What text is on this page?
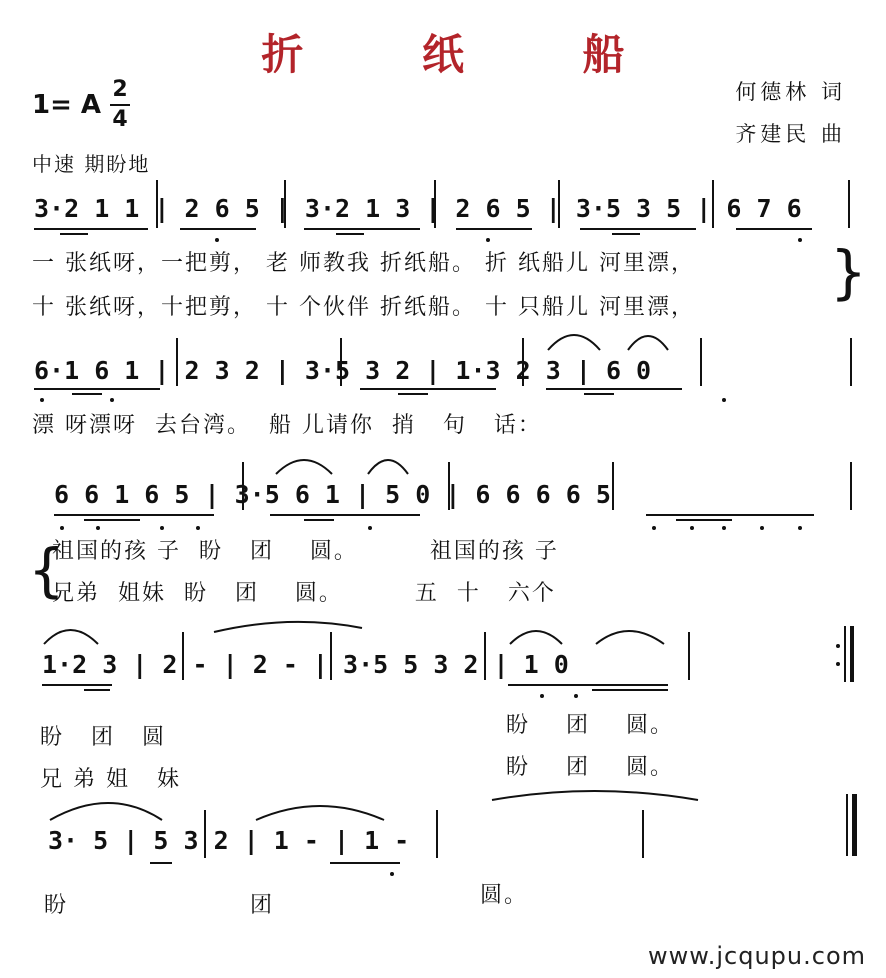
折 纸 船
1= A
2
4
何德林 词
齐建民 曲
中速 期盼地
3·2 1 1 | 2 6 5 | 3·2 1 3 | 2 6 5 | 3·5 3 5 | 6 7 6
一 张纸呀，一把剪， 老 师教我 折纸船。 折 纸船儿 河里漂，
十 张纸呀，十把剪， 十 个伙伴 折纸船。 十 只船儿 河里漂，
}
6·1 6 1 | 2 3 2 | 3·5 3 2 | 1·3 2 3 | 6 0
漂 呀漂呀  去台湾。  船 儿请你  捎   句   话：
6 6 1 6 5 | 3·5 6 1 | 5 0 | 6 6 6 6 5
{
祖国的孩 子  盼   团    圆。        祖国的孩 子
兄弟  姐妹  盼   团    圆。        五  十   六个
1·2 3 | 2 - | 2 - | 3·5 5 3 2 | 1 0
盼   团   圆
兄 弟 姐   妹
盼    团    圆。
盼    团    圆。
3· 5 | 5 3 2 | 1 - | 1 -
盼	团	圆。
www.jcqupu.com
